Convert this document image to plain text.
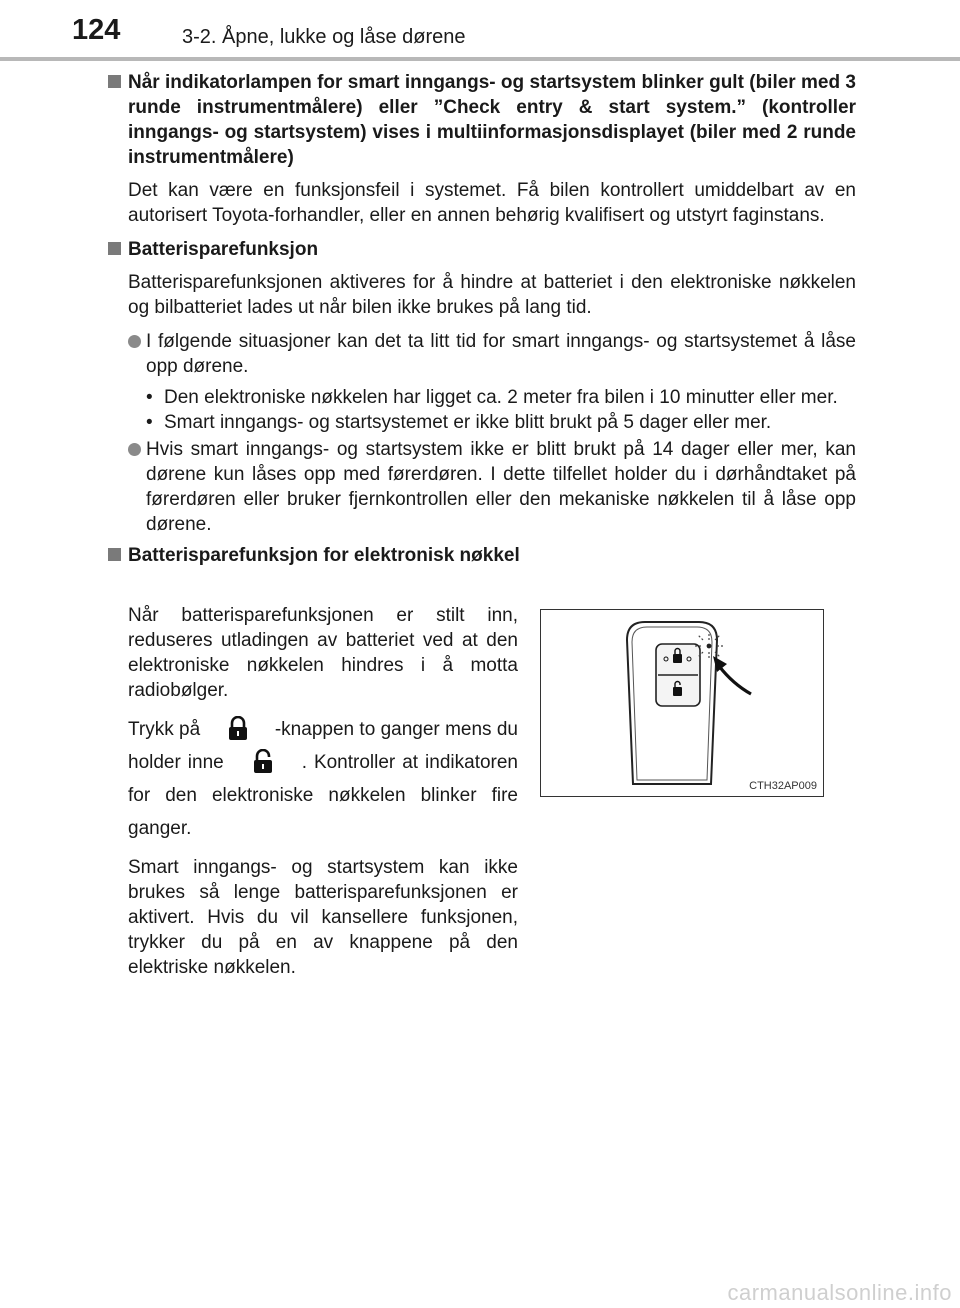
124	3-2. Åpne, lukke og låse dørene
Når indikatorlampen for smart inngangs- og startsystem blinker gult (biler med 3 runde instrumentmålere) eller ”Check entry & start system.” (kontroller inngangs- og startsystem) vises i multiinformasjonsdisplayet (biler med 2 runde instrumentmålere)

Det kan være en funksjonsfeil i systemet. Få bilen kontrollert umiddelbart av en autorisert Toyota-forhandler, eller en annen behørig kvalifisert og utstyrt faginstans.

Batterisparefunksjon

Batterisparefunksjonen aktiveres for å hindre at batteriet i den elektroniske nøkkelen og bilbatteriet lades ut når bilen ikke brukes på lang tid.

I følgende situasjoner kan det ta litt tid for smart inngangs- og startsystemet å låse opp dørene.
• Den elektroniske nøkkelen har ligget ca. 2 meter fra bilen i 10 minutter eller mer.
• Smart inngangs- og startsystemet er ikke blitt brukt på 5 dager eller mer.
Hvis smart inngangs- og startsystem ikke er blitt brukt på 14 dager eller mer, kan dørene kun låses opp med førerdøren. I dette tilfellet holder du i dørhåndtaket på førerdøren eller bruker fjernkontrollen eller den mekaniske nøkkelen til å låse opp dørene.
Batterisparefunksjon for elektronisk nøkkel

Når batterisparefunksjonen er stilt inn, reduseres utladingen av batteriet ved at den elektroniske nøkkelen hindres i å motta radiobølger.

Trykk på	-knappen to ganger mens du holder inne	. Kontroller at indikatoren for den elektroniske nøkkelen blinker fire ganger.

Smart inngangs- og startsystem kan ikke brukes så lenge batterisparefunksjonen er aktivert. Hvis du vil kansellere funksjonen, trykker du på en av knappene på den elektriske nøkkelen.

CTH32AP009
carmanualsonline.info
